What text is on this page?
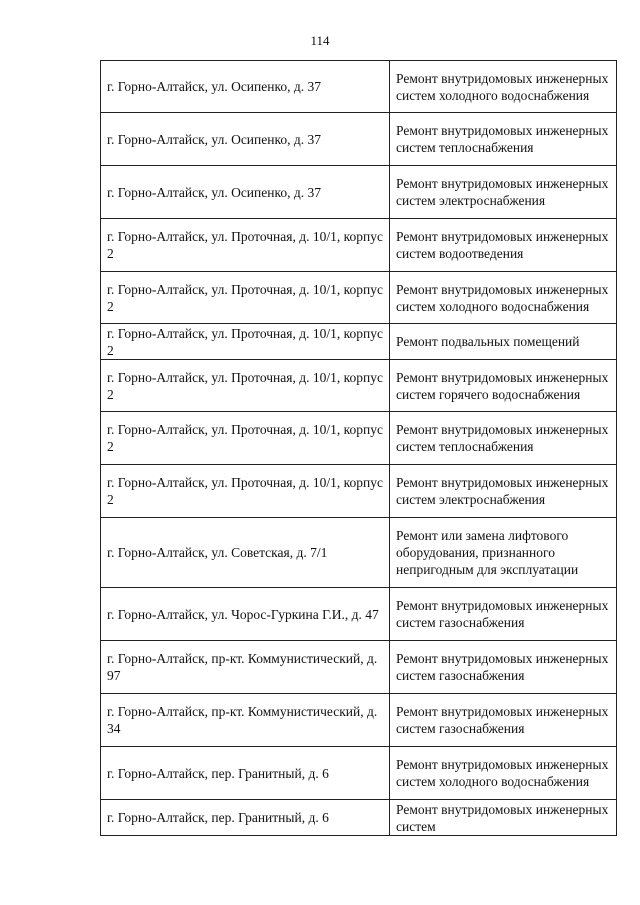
114
г. Горно-Алтайск, ул. Осипенко, д. 37	Ремонт внутридомовых инженерных систем холодного водоснабжения
г. Горно-Алтайск, ул. Осипенко, д. 37	Ремонт внутридомовых инженерных систем теплоснабжения
г. Горно-Алтайск, ул. Осипенко, д. 37	Ремонт внутридомовых инженерных систем электроснабжения
г. Горно-Алтайск, ул. Проточная, д. 10/1, корпус 2	Ремонт внутридомовых инженерных систем водоотведения
г. Горно-Алтайск, ул. Проточная, д. 10/1, корпус 2	Ремонт внутридомовых инженерных систем холодного водоснабжения
г. Горно-Алтайск, ул. Проточная, д. 10/1, корпус 2	Ремонт подвальных помещений
г. Горно-Алтайск, ул. Проточная, д. 10/1, корпус 2	Ремонт внутридомовых инженерных систем горячего водоснабжения
г. Горно-Алтайск, ул. Проточная, д. 10/1, корпус 2	Ремонт внутридомовых инженерных систем теплоснабжения
г. Горно-Алтайск, ул. Проточная, д. 10/1, корпус 2	Ремонт внутридомовых инженерных систем электроснабжения
г. Горно-Алтайск, ул. Советская, д. 7/1	Ремонт или замена лифтового оборудования, признанного непригодным для эксплуатации
г. Горно-Алтайск, ул. Чорос-Гуркина Г.И., д. 47	Ремонт внутридомовых инженерных систем газоснабжения
г. Горно-Алтайск, пр-кт. Коммунистический, д. 97	Ремонт внутридомовых инженерных систем газоснабжения
г. Горно-Алтайск, пр-кт. Коммунистический, д. 34	Ремонт внутридомовых инженерных систем газоснабжения
г. Горно-Алтайск, пер. Гранитный, д. 6	Ремонт внутридомовых инженерных систем холодного водоснабжения
г. Горно-Алтайск, пер. Гранитный, д. 6	Ремонт внутридомовых инженерных систем
